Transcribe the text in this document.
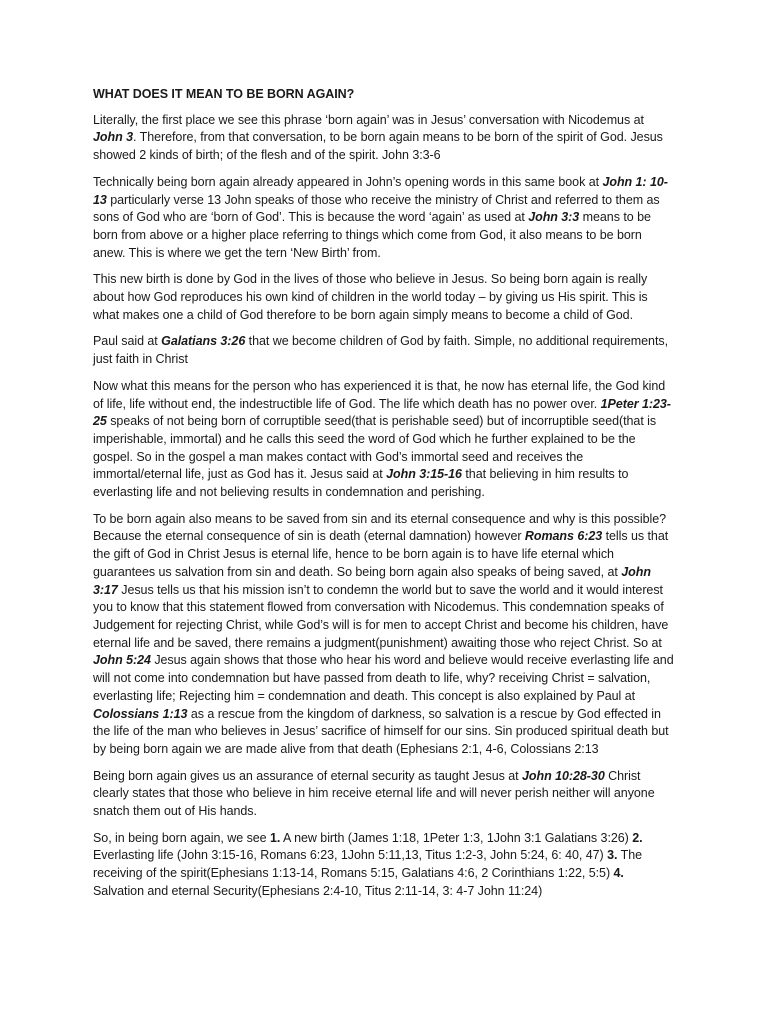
WHAT DOES IT MEAN TO BE BORN AGAIN?

Literally, the first place we see this phrase ‘born again’ was in Jesus’ conversation with Nicodemus at John 3. Therefore, from that conversation, to be born again means to be born of the spirit of God. Jesus showed 2 kinds of birth; of the flesh and of the spirit. John 3:3-6

Technically being born again already appeared in John’s opening words in this same book at John 1: 10-13 particularly verse 13 John speaks of those who receive the ministry of Christ and referred to them as sons of God who are ‘born of God’. This is because the word ‘again’ as used at John 3:3 means to be born from above or a higher place referring to things which come from God, it also means to be born anew. This is where we get the tern ‘New Birth’ from.

This new birth is done by God in the lives of those who believe in Jesus. So being born again is really about how God reproduces his own kind of children in the world today – by giving us His spirit. This is what makes one a child of God therefore to be born again simply means to become a child of God.

Paul said at Galatians 3:26 that we become children of God by faith. Simple, no additional requirements, just faith in Christ

Now what this means for the person who has experienced it is that, he now has eternal life, the God kind of life, life without end, the indestructible life of God. The life which death has no power over. 1Peter 1:23-25 speaks of not being born of corruptible seed(that is perishable seed) but of incorruptible seed(that is imperishable, immortal) and he calls this seed the word of God which he further explained to be the gospel. So in the gospel a man makes contact with God’s immortal seed and receives the immortal/eternal life, just as God has it. Jesus said at John 3:15-16 that believing in him results to everlasting life and not believing results in condemnation and perishing.

To be born again also means to be saved from sin and its eternal consequence and why is this possible? Because the eternal consequence of sin is death (eternal damnation) however Romans 6:23 tells us that the gift of God in Christ Jesus is eternal life, hence to be born again is to have life eternal which guarantees us salvation from sin and death. So being born again also speaks of being saved, at John 3:17 Jesus tells us that his mission isn’t to condemn the world but to save the world and it would interest you to know that this statement flowed from conversation with Nicodemus. This condemnation speaks of Judgement for rejecting Christ, while God’s will is for men to accept Christ and become his children, have eternal life and be saved, there remains a judgment(punishment) awaiting those who reject Christ. So at John 5:24 Jesus again shows that those who hear his word and believe would receive everlasting life and will not come into condemnation but have passed from death to life, why? receiving Christ = salvation, everlasting life; Rejecting him = condemnation and death. This concept is also explained by Paul at Colossians 1:13 as a rescue from the kingdom of darkness, so salvation is a rescue by God effected in the life of the man who believes in Jesus’ sacrifice of himself for our sins. Sin produced spiritual death but by being born again we are made alive from that death (Ephesians 2:1, 4-6, Colossians 2:13

Being born again gives us an assurance of eternal security as taught Jesus at John 10:28-30 Christ clearly states that those who believe in him receive eternal life and will never perish neither will anyone snatch them out of His hands.

So, in being born again, we see 1. A new birth (James 1:18, 1Peter 1:3, 1John 3:1 Galatians 3:26) 2. Everlasting life (John 3:15-16, Romans 6:23, 1John 5:11,13, Titus 1:2-3, John 5:24, 6: 40, 47) 3. The receiving of the spirit(Ephesians 1:13-14, Romans 5:15, Galatians 4:6, 2 Corinthians 1:22, 5:5) 4. Salvation and eternal Security(Ephesians 2:4-10, Titus 2:11-14, 3: 4-7 John 11:24)
